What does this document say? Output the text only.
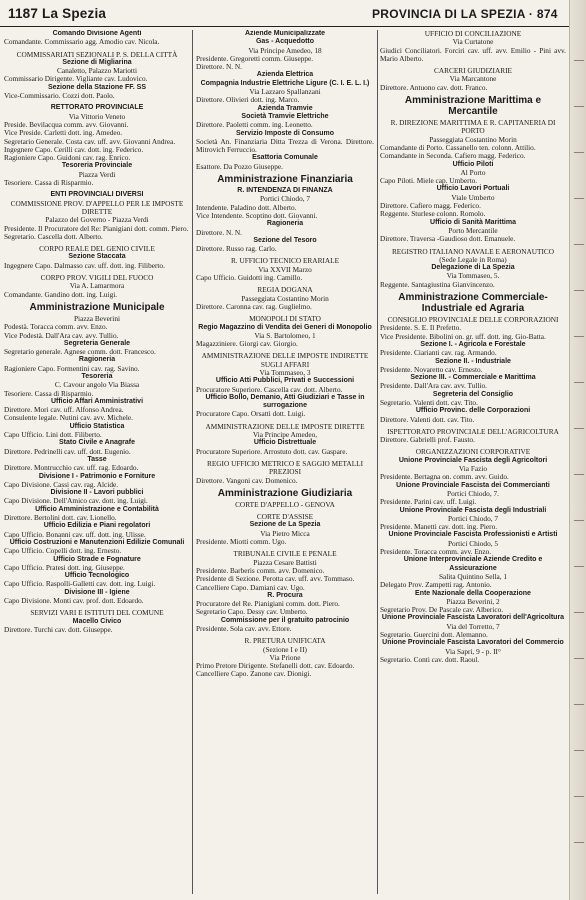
1187 La Spezia	PROVINCIA DI LA SPEZIA · 874

Comando Divisione Agenti

Comandante. Commissario agg. Amodio cav. Nicola.

COMMISSARIATI SEZIONALI P. S. DELLA CITTÀ

Sezione di Migliarina

Canaletto, Palazzo Mariotti

Commissario Dirigente. Vigliante cav. Ludovico.

Sezione della Stazione FF. SS

Vice-Commissario. Cozzi dott. Paolo.

RETTORATO PROVINCIALE

Via Vittorio Veneto

Preside. Bevilacqua comm. avv. Giovanni.

Vice Preside. Carletti dott. ing. Amedeo.

Segretario Generale. Costa cav. uff. avv. Giovanni Andrea.

Ingegnere Capo. Cerilli cav. dott. ing. Federico.

Ragioniere Capo. Guidoni cav. rag. Enrico.

Tesoreria Provinciale

Piazza Verdi

Tesoriere. Cassa di Risparmio.

ENTI PROVINCIALI DIVERSI

COMMISSIONE PROV. D'APPELLO PER LE IMPOSTE DIRETTE

Palazzo del Governo - Piazza Verdi

Presidente. Il Procuratore del Re: Pianigiani dott. comm. Piero.

Segretario. Cascella dott. Alberto.

CORPO REALE DEL GENIO CIVILE

Sezione Staccata

Ingegnere Capo. Dalmasso cav. uff. dott. ing. Filiberto.

CORPO PROV. VIGILI DEL FUOCO

Via A. Lamarmora

Comandante. Gandino dott. ing. Luigi.

Amministrazione Municipale

Piazza Beverini

Podestà. Toracca comm. avv. Enzo.

Vice Podestà. Dall'Ara cav. avv. Tullio.

Segreteria Generale

Segretario generale. Agnese comm. dott. Francesco.

Ragioneria

Ragioniere Capo. Formentini cav. rag. Savino.

Tesoreria

C. Cavour angolo Via Biassa

Tesoriere. Cassa di Risparmio.

Ufficio Affari Amministrativi

Direttore. Mori cav. uff. Alfonso Andrea.

Consulente legale. Nutini cav. avv. Michele.

Ufficio Statistica

Capo Ufficio. Lini dott. Filiberto.

Stato Civile e Anagrafe

Direttore. Pedrinelli cav. uff. dott. Eugenio.

Tasse

Direttore. Montrucchio cav. uff. rag. Edoardo.

Divisione I - Patrimonio e Forniture

Capo Divisione. Cassi cav. rag. Alcide.

Divisione II - Lavori pubblici

Capo Divisione. Dell'Amico cav. dott. ing. Luigi.

Ufficio Amministrazione e Contabilità

Direttore. Bertolini dott. cav. Lionello.

Ufficio Edilizia e Piani regolatori

Capo Ufficio. Bonanni cav. uff. dott. ing. Ulisse.

Ufficio Costruzioni e Manutenzioni Edilizie Comunali

Capo Ufficio. Copelli dott. ing. Ernesto.

Ufficio Strade e Fognature

Capo Ufficio. Pratesi dott. ing. Giuseppe.

Ufficio Tecnologico

Capo Ufficio. Raspolli-Galletti cav. dott. ing. Luigi.

Divisione III - Igiene

Capo Divisione. Monti cav. prof. dott. Edoardo.

SERVIZI VARI E ISTITUTI DEL COMUNE

Macello Civico

Direttore. Turchi cav. dott. Giuseppe.

Aziende Municipalizzate

Gas - Acquedotto

Via Principe Amedeo, 18

Presidente. Gregoretti comm. Giuseppe.

Direttore. N. N.

Azienda Elettrica

Compagnia Industrie Elettriche Ligure (C. I. E. L. I.)

Via Lazzaro Spallanzani

Direttore. Olivieri dott. ing. Marco.

Azienda Tramvie

Società Tramvie Elettriche

Direttore. Paoletti comm. ing. Leonetto.

Servizio Imposte di Consumo

Società An. Finanziaria Ditta Trezza di Verona. Direttore. Mitrovich Ferruccio.

Esattoria Comunale

Esattore. Da Pozzo Giuseppe.

Amministrazione Finanziaria

R. INTENDENZA DI FINANZA

Portici Chiodo, 7

Intendente. Paladino dott. Alberto.

Vice Intendente. Scoptino dott. Giovanni.

Ragioneria

Direttore. N. N.

Sezione del Tesoro

Direttore. Russo rag. Carlo.

R. UFFICIO TECNICO ERARIALE

Via XXVII Marzo

Capo Ufficio. Guidotti ing. Camillo.

REGIA DOGANA

Passeggiata Costantino Morin

Direttore. Caronna cav. rag. Guglielmo.

MONOPOLI DI STATO

Regio Magazzino di Vendita dei Generi di Monopolio

Via S. Bartolomeo, 1

Magazziniere. Giorgi cav. Giorgio.

AMMINISTRAZIONE DELLE IMPOSTE INDIRETTE SUGLI AFFARI

Via Tommaseo, 3

Ufficio Atti Pubblici, Privati e Successioni

Procuratore Superiore. Cascella cav. dott. Alberto.

Ufficio Bollo, Demanio, Atti Giudiziari e Tasse in surrogazione

Procuratore Capo. Orsatti dott. Luigi.

AMMINISTRAZIONE DELLE IMPOSTE DIRETTE

Via Principe Amedeo,

Ufficio Distrettuale

Procuratore Superiore. Arrostuto dott. cav. Gaspare.

REGIO UFFICIO METRICO E SAGGIO METALLI PREZIOSI

Direttore. Vangoni cav. Domenico.

Amministrazione Giudiziaria

CORTE D'APPELLO - GENOVA

CORTE D'ASSISE

Sezione de La Spezia

Via Pietro Micca

Presidente. Miotti comm. Ugo.

TRIBUNALE CIVILE E PENALE

Piazza Cesare Battisti

Presidente. Barberis comm. avv. Domenico.

Presidente di Sezione. Perotta cav. uff. avv. Tommaso.

Cancelliere Capo. Damiani cav. Ugo.

R. Procura

Procuratore del Re. Pianigiani comm. dott. Piero.

Segretario Capo. Dessy cav. Umberto.

Commissione per il gratuito patrocinio

Presidente. Sola cav. avv. Ettore.

R. PRETURA UNIFICATA

(Sezione I e II)

Via Prione

Primo Pretore Dirigente. Stefanelli dott. cav. Edoardo.

Cancelliere Capo. Zanone cav. Dionigi.

UFFICIO DI CONCILIAZIONE

Via Curtatone

Giudici Conciliatori. Forciri cav. uff. avv. Emilio - Pini avv. Mario Alberto.

CARCERI GIUDIZIARIE

Via Marcantone

Direttore. Antuono cav. dott. Franco.

Amministrazione Marittima e Mercantile

R. DIREZIONE MARITTIMA E R. CAPITANERIA DI PORTO

Passeggiata Costantino Morin

Comandante di Porto. Cassanello ten. colonn. Attilio.

Comandante in Seconda. Cafiero magg. Federico.

Ufficio Piloti

Al Porto

Capo Piloti. Miele cap. Umberto.

Ufficio Lavori Portuali

Viale Umberto

Direttore. Cafiero magg. Federico.

Reggente. Sturlese colonn. Romolo.

Ufficio di Sanità Marittima

Porto Mercantile

Direttore. Traversa -Gaudioso dott. Emanuele.

REGISTRO ITALIANO NAVALE E AERONAUTICO

(Sede Legale in Roma)

Delegazione di La Spezia

Via Tommaseo, 5.

Reggente. Santagiustina Gianvincenzo.

Amministrazione Commerciale-Industriale ed Agraria

CONSIGLIO PROVINCIALE DELLE CORPORAZIONI

Presidente. S. E. Il Prefetto.

Vice Presidente. Bibolini on. gr. uff. dott. ing. Gio-Batta.

Sezione I. - Agricola e Forestale

Presidente. Ciarianti cav. rag. Armando.

Sezione II. - Industriale

Presidente. Novaretto cav. Ernesto.

Sezione III. - Commerciale e Marittima

Presidente. Dall'Ara cav. avv. Tullio.

Segreteria del Consiglio

Segretario. Valenti dott. cav. Tito.

Ufficio Provinc. delle Corporazioni

Direttore. Valenti dott. cav. Tito.

ISPETTORATO PROVINCIALE DELL'AGRICOLTURA

Direttore. Gabrielli prof. Fausto.

ORGANIZZAZIONI CORPORATIVE

Unione Provinciale Fascista degli Agricoltori

Via Fazio

Presidente. Bertagna on. comm. avv. Guido.

Unione Provinciale Fascista dei Commercianti

Portici Chiodo, 7.

Presidente. Parini cav. uff. Luigi.

Unione Provinciale Fascista degli Industriali

Portici Chiodo, 7

Presidente. Manetti cav. dott. ing. Piero.

Unione Provinciale Fascista Professionisti e Artisti

Portici Chiodo, 5

Presidente. Toracca comm. avv. Enzo.

Unione Interprovinciale Aziende Credito e Assicurazione

Salita Quintino Sella, 1

Delegato Prov. Zampetti rag. Antonio.

Ente Nazionale della Cooperazione

Piazza Beverini, 2

Segretario Prov. De Pascale cav. Alberico.

Unione Provinciale Fascista Lavoratori dell'Agricoltura

Via del Torretto, 7

Segretario. Guercini dott. Alemanno.

Unione Provinciale Fascista Lavoratori del Commercio

Via Sapri, 9 - p. II°

Segretario. Conti cav. dott. Raoul.
